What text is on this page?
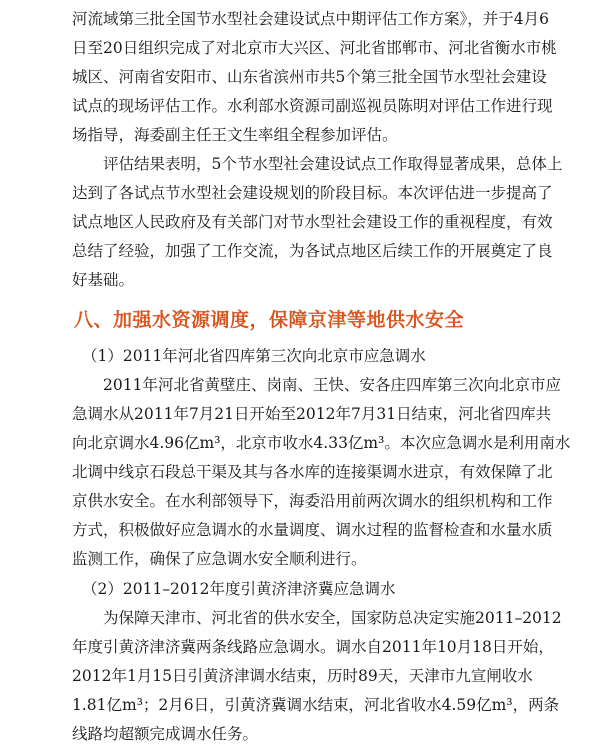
河流域第三批全国节水型社会建设试点中期评估工作方案》，并于4月6
日至20日组织完成了对北京市大兴区、河北省邯郸市、河北省衡水市桃
城区、河南省安阳市、山东省滨州市共5个第三批全国节水型社会建设
试点的现场评估工作。水利部水资源司副巡视员陈明对评估工作进行现
场指导，海委副主任王文生率组全程参加评估。

评估结果表明，5个节水型社会建设试点工作取得显著成果，总体上
达到了各试点节水型社会建设规划的阶段目标。本次评估进一步提高了
试点地区人民政府及有关部门对节水型社会建设工作的重视程度，有效
总结了经验，加强了工作交流，为各试点地区后续工作的开展奠定了良
好基础。

八、加强水资源调度，保障京津等地供水安全

（1）2011年河北省四库第三次向北京市应急调水

2011年河北省黄壁庄、岗南、王快、安各庄四库第三次向北京市应
急调水从2011年7月21日开始至2012年7月31日结束，河北省四库共
向北京调水4.96亿m³，北京市收水4.33亿m³。本次应急调水是利用南水
北调中线京石段总干渠及其与各水库的连接渠调水进京，有效保障了北
京供水安全。在水利部领导下，海委沿用前两次调水的组织机构和工作
方式，积极做好应急调水的水量调度、调水过程的监督检查和水量水质
监测工作，确保了应急调水安全顺利进行。

（2）2011–2012年度引黄济津济冀应急调水

为保障天津市、河北省的供水安全，国家防总决定实施2011–2012
年度引黄济津济冀两条线路应急调水。调水自2011年10月18日开始，
2012年1月15日引黄济津调水结束，历时89天，天津市九宣闸收水
1.81亿m³；2月6日，引黄济冀调水结束，河北省收水4.59亿m³，两条
线路均超额完成调水任务。
